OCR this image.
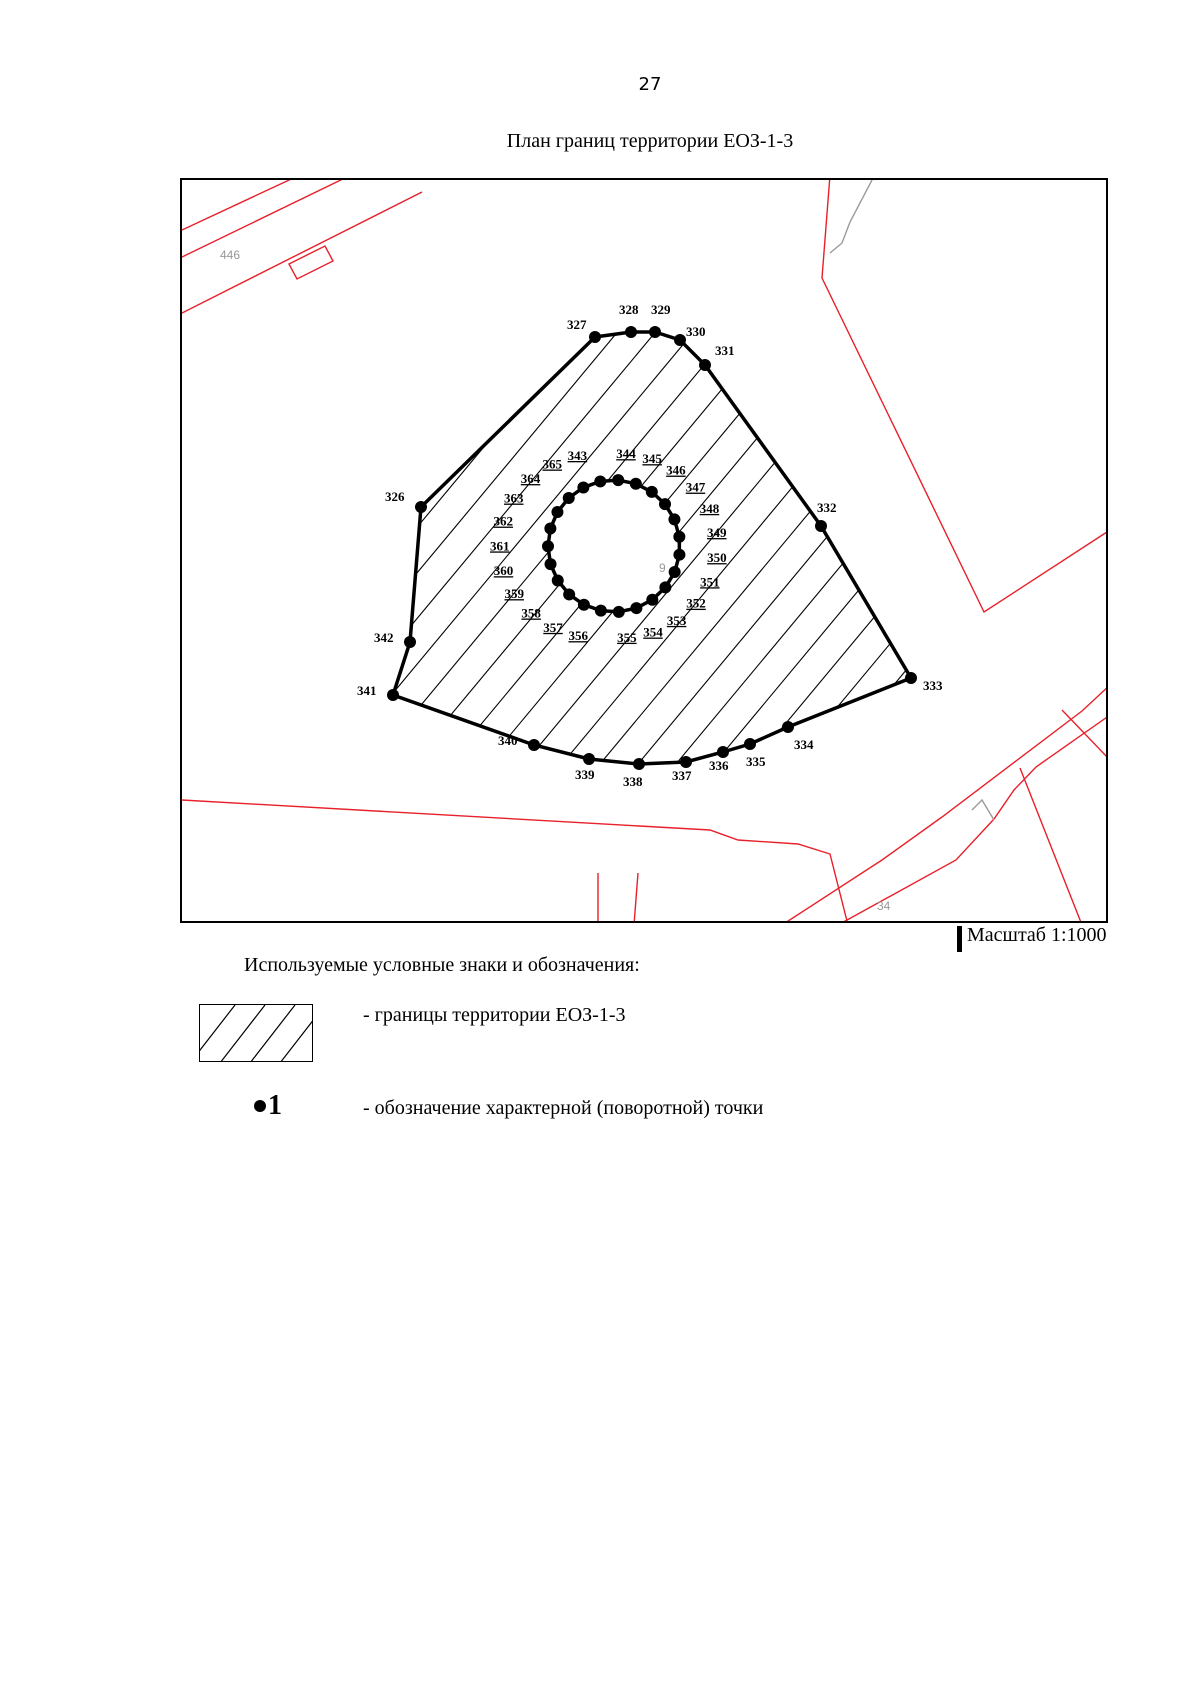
27
План границ территории ЕОЗ-1-3
446
9
34
327
328 329
330
331
332
333
334
335
336
337
338
339
340
341
342
326
343 344 345
346
347
348
349
350
351
352
353
354
355
356
357
358
359
360
361
362
363
364
365
Масштаб 1:1000
Используемые условные знаки и обозначения:
- границы территории ЕОЗ-1-3
1	- обозначение характерной (поворотной) точки
